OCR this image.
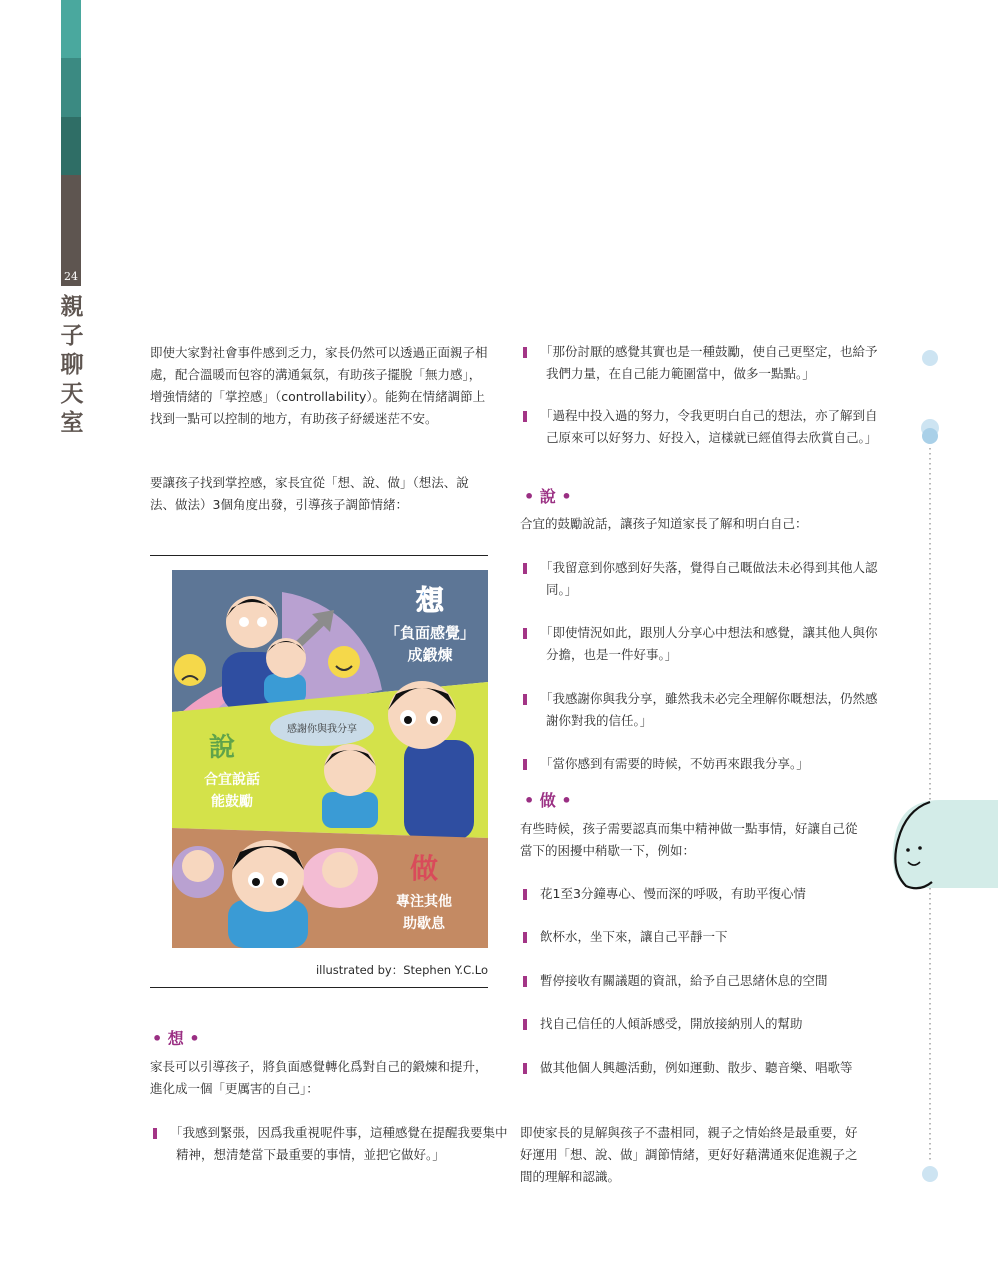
24
親
子
聊
天
室

即使大家對社會事件感到乏力，家長仍然可以透過正面親子相處，配合溫暖而包容的溝通氣氛，有助孩子擺脫「無力感」，增強情緒的「掌控感」（controllability）。能夠在情緒調節上找到一點可以控制的地方，有助孩子紓緩迷茫不安。

要讓孩子找到掌控感，家長宜從「想、說、做」（想法、說法、做法）3個角度出發，引導孩子調節情緒：

想
「負面感覺」
成鍛煉
感謝你與我分享
說
合宜說話
能鼓勵
做
專注其他
助歇息
illustrated by：Stephen Y.C.Lo

• 想 •

家長可以引導孩子，將負面感覺轉化爲對自己的鍛煉和提升，進化成一個「更厲害的自己」：

「我感到緊張，因爲我重視呢件事，這種感覺在提醒我要集中精神，想清楚當下最重要的事情，並把它做好。」
「那份討厭的感覺其實也是一種鼓勵，使自己更堅定，也給予我們力量，在自己能力範圍當中，做多一點點。」
「過程中投入過的努力，令我更明白自己的想法，亦了解到自己原來可以好努力、好投入，這樣就已經值得去欣賞自己。」

• 說 •

合宜的鼓勵說話，讓孩子知道家長了解和明白自己：

「我留意到你感到好失落，覺得自己嘅做法未必得到其他人認同。」
「即使情況如此，跟別人分享心中想法和感覺，讓其他人與你分擔，也是一件好事。」
「我感謝你與我分享，雖然我未必完全理解你嘅想法，仍然感謝你對我的信任。」
「當你感到有需要的時候，不妨再來跟我分享。」

• 做 •

有些時候，孩子需要認真而集中精神做一點事情，好讓自己從當下的困擾中稍歇一下，例如：

花1至3分鐘專心、慢而深的呼吸，有助平復心情
飲杯水，坐下來，讓自己平靜一下
暫停接收有關議題的資訊，給予自己思緒休息的空間
找自己信任的人傾訴感受，開放接納別人的幫助
做其他個人興趣活動，例如運動、散步、聽音樂、唱歌等

即使家長的見解與孩子不盡相同，親子之情始終是最重要，好好運用「想、說、做」調節情緒，更好好藉溝通來促進親子之間的理解和認識。
